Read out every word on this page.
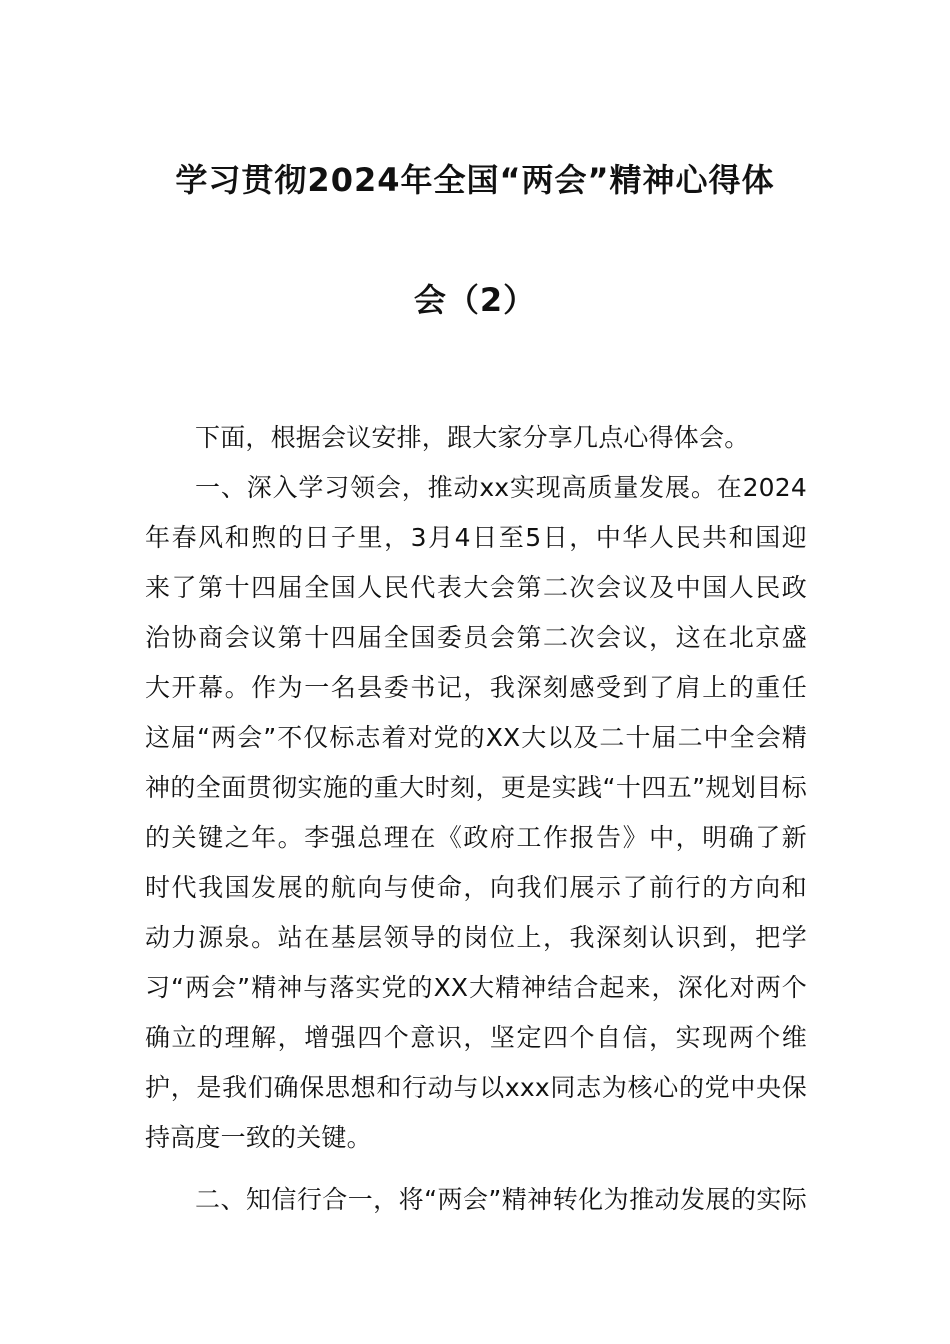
学习贯彻2024年全国“两会”精神心得体
会（2）
下面，根据会议安排，跟大家分享几点心得体会。
一、深入学习领会，推动xx实现高质量发展。在2024
年春风和煦的日子里，3月4日至5日，中华人民共和国迎
来了第十四届全国人民代表大会第二次会议及中国人民政
治协商会议第十四届全国委员会第二次会议，这在北京盛
大开幕。作为一名县委书记，我深刻感受到了肩上的重任
这届“两会”不仅标志着对党的XX大以及二十届二中全会精
神的全面贯彻实施的重大时刻，更是实践“十四五”规划目标
的关键之年。李强总理在《政府工作报告》中，明确了新
时代我国发展的航向与使命，向我们展示了前行的方向和
动力源泉。站在基层领导的岗位上，我深刻认识到，把学
习“两会”精神与落实党的XX大精神结合起来，深化对两个
确立的理解，增强四个意识，坚定四个自信，实现两个维
护，是我们确保思想和行动与以xxx同志为核心的党中央保
持高度一致的关键。
二、知信行合一，将“两会”精神转化为推动发展的实际
